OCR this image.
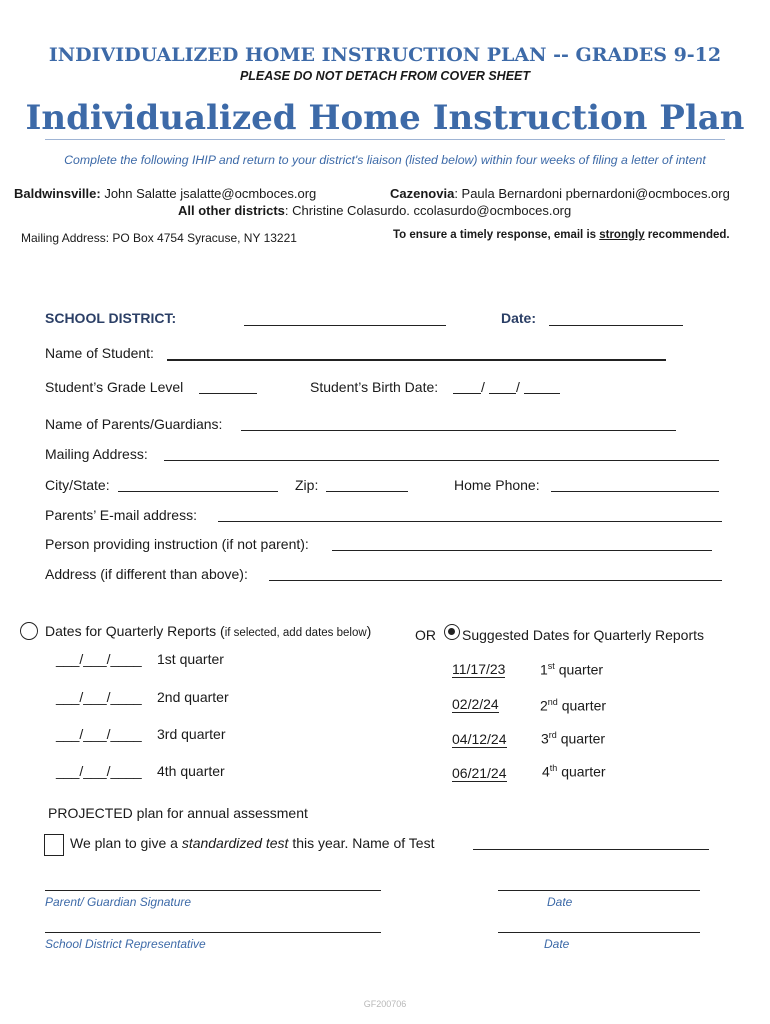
INDIVIDUALIZED HOME INSTRUCTION PLAN -- GRADES 9-12
PLEASE DO NOT DETACH FROM COVER SHEET
Individualized Home Instruction Plan
Complete the following IHIP and return to your district's liaison (listed below) within four weeks of filing a letter of intent
Baldwinsville: John Salatte jsalatte@ocmboces.org	Cazenovia: Paula Bernardoni pbernardoni@ocmboces.org
All other districts: Christine Colasurdo. ccolasurdo@ocmboces.org
Mailing Address: PO Box 4754 Syracuse, NY 13221	To ensure a timely response, email is strongly recommended.
SCHOOL DISTRICT:	Date:
Name of Student:
Student’s Grade Level	Student’s Birth Date:	/ /
Name of Parents/Guardians:
Mailing Address:
City/State:	Zip:	Home Phone:
Parents’ E-mail address:
Person providing instruction (if not parent):
Address (if different than above):
Dates for Quarterly Reports (if selected, add dates below)	OR Suggested Dates for Quarterly Reports
___/___/____ 1st quarter
___/___/____ 2nd quarter
___/___/____ 3rd quarter
___/___/____ 4th quarter
11/17/23 1st quarter
02/2/24	2nd quarter
04/12/24 3rd quarter
06/21/24	4th quarter
PROJECTED plan for annual assessment
We plan to give a standardized test this year. Name of Test
Parent/ Guardian Signature	Date
School District Representative	Date
GF200706
